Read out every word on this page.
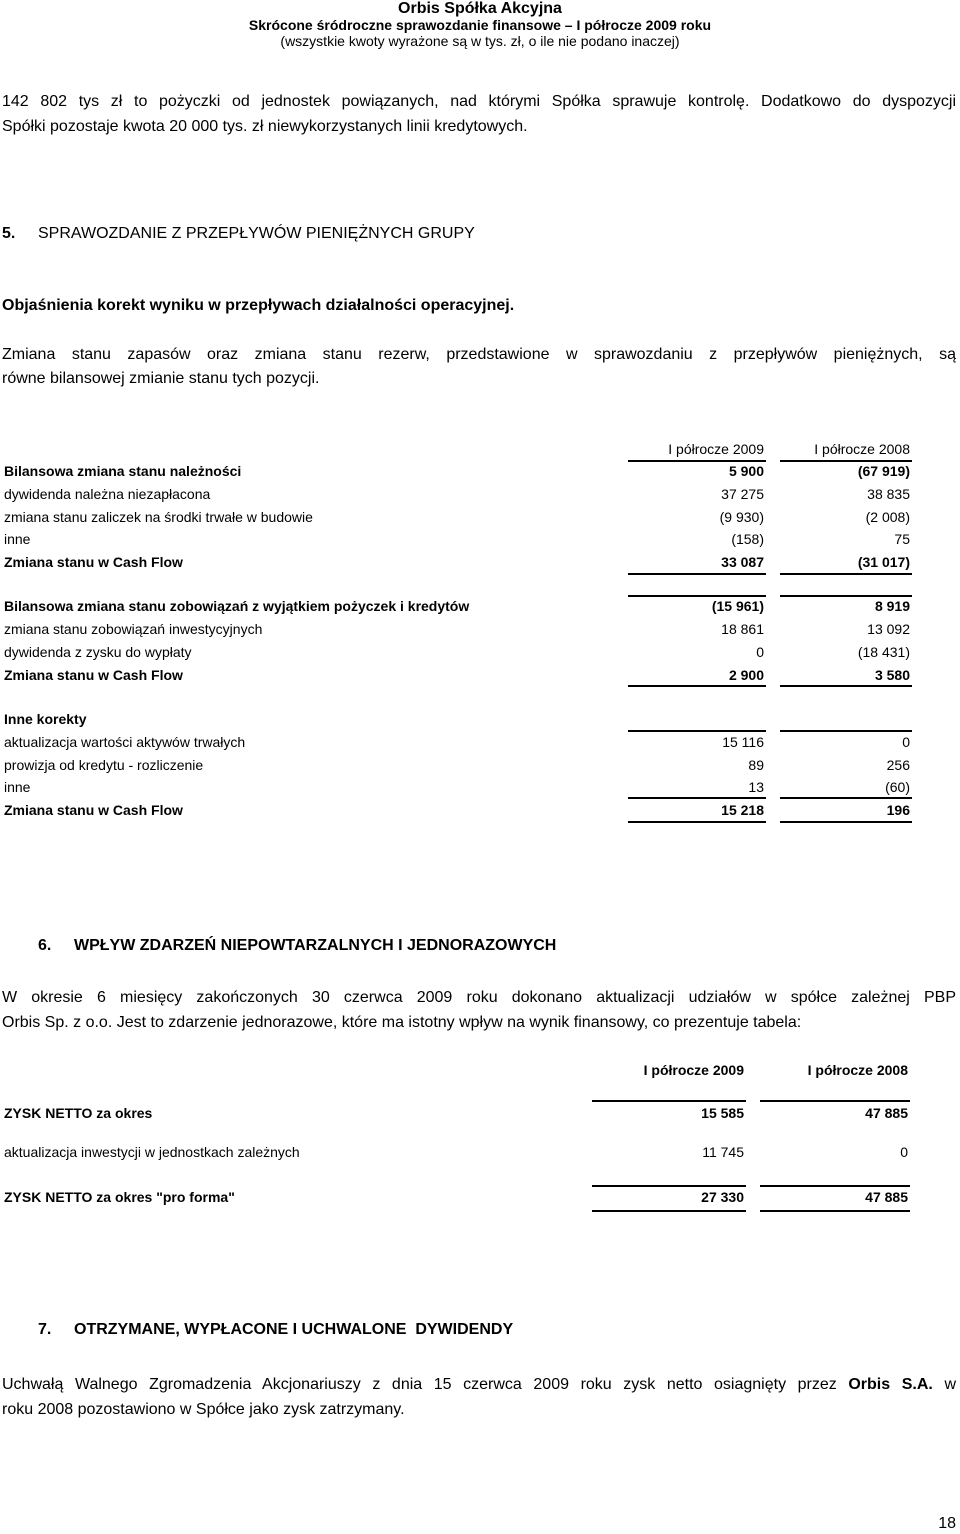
Orbis Spółka Akcyjna
Skrócone śródroczne sprawozdanie finansowe – I półrocze 2009 roku
(wszystkie kwoty wyrażone są w tys. zł, o ile nie podano inaczej)
142 802 tys zł to pożyczki od jednostek powiązanych, nad którymi Spółka sprawuje kontrolę. Dodatkowo do dyspozycji
Spółki pozostaje kwota 20 000 tys. zł niewykorzystanych linii kredytowych.
5. SPRAWOZDANIE Z PRZEPŁYWÓW PIENIĘŻNYCH GRUPY
Objaśnienia korekt wyniku w przepływach działalności operacyjnej.
Zmiana stanu zapasów oraz zmiana stanu rezerw, przedstawione w sprawozdaniu z przepływów pieniężnych, są
równe bilansowej zmianie stanu tych pozycji.
I półrocze 2009	I półrocze 2008
Bilansowa zmiana stanu należności	5 900	(67 919)
dywidenda należna niezapłacona	37 275	38 835
zmiana stanu zaliczek na środki trwałe w budowie	(9 930)	(2 008)
inne	(158)	75
Zmiana stanu w Cash Flow	33 087	(31 017)
Bilansowa zmiana stanu zobowiązań z wyjątkiem pożyczek i kredytów	(15 961)	8 919
zmiana stanu zobowiązań inwestycyjnych	18 861	13 092
dywidenda z zysku do wypłaty	0	(18 431)
Zmiana stanu w Cash Flow	2 900	3 580
Inne korekty
aktualizacja wartości aktywów trwałych	15 116	0
prowizja od kredytu - rozliczenie	89	256
inne	13	(60)
Zmiana stanu w Cash Flow	15 218	196
6. WPŁYW ZDARZEŃ NIEPOWTARZALNYCH I JEDNORAZOWYCH
W okresie 6 miesięcy zakończonych 30 czerwca 2009 roku dokonano aktualizacji udziałów w spółce zależnej PBP
Orbis Sp. z o.o. Jest to zdarzenie jednorazowe, które ma istotny wpływ na wynik finansowy, co prezentuje tabela:
I półrocze 2009	I półrocze 2008
ZYSK NETTO za okres	15 585	47 885
aktualizacja inwestycji w jednostkach zależnych	11 745	0
ZYSK NETTO za okres "pro forma"	27 330	47 885
7. OTRZYMANE, WYPŁACONE I UCHWALONE  DYWIDENDY
Uchwałą Walnego Zgromadzenia Akcjonariuszy z dnia 15 czerwca 2009 roku zysk netto osiagnięty przez Orbis S.A. w
roku 2008 pozostawiono w Spółce jako zysk zatrzymany.
18
